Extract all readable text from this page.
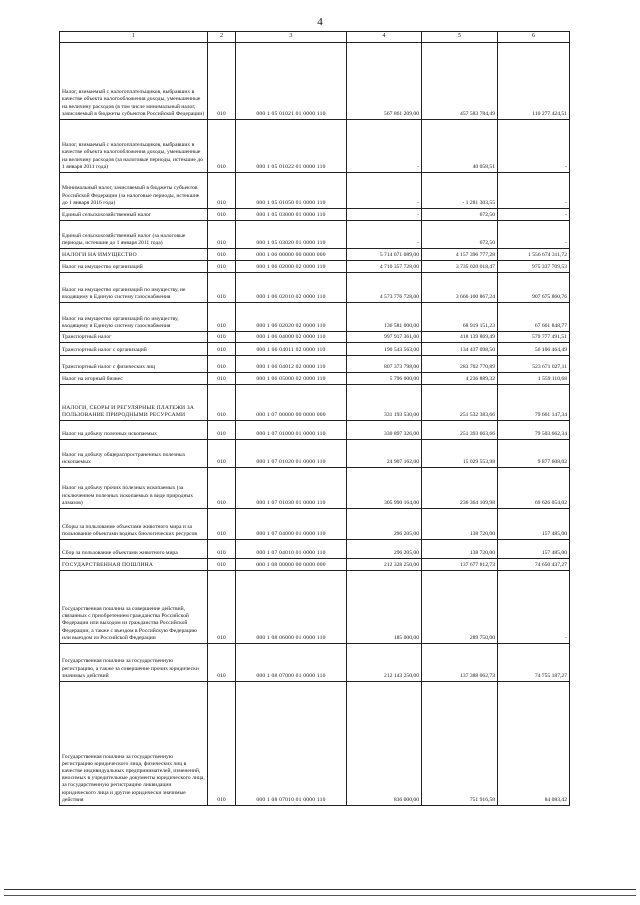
4
1	2	3	4	5	6
Налог, взимаемый с налогоплательщиков, выбравших в качестве объекта налогообложения доходы, уменьшенные на величину расходов (в том числе минимальный налог, зачисляемый в бюджеты субъектов Российской Федерации)	010	000 1 05 01021 01 0000 110	567 861 209,00	457 583 784,49	110 277 424,51
Налог, взимаемый с налогоплательщиков, выбравших в качестве объекта налогообложения доходы, уменьшенные на величину расходов (за налоговые периоды, истекшие до 1 января 2011 года)	010	000 1 05 01022 01 0000 110	-	40 058,51	-
Минимальный налог, зачисляемый в бюджеты субъектов Российской Федерации (за налоговые периоды, истекшие до 1 января 2016 года)	010	000 1 05 01050 01 0000 110	-	- 1 281 303,55	-
Единый сельскохозяйственный налог	010	000 1 05 03000 01 0000 110	-	672,50	-
Единый сельскохозяйственный налог (за налоговые периоды, истекшие до 1 января 2011 года)	010	000 1 05 03020 01 0000 110	-	672,50	-
НАЛОГИ НА ИМУЩЕСТВО	010	000 1 06 00000 00 0000 000	5 714 071 089,00	4 157 396 777,28	1 556 674 311,72
Налог на имущество организаций	010	000 1 06 02000 02 0000 110	4 710 357 728,00	3 735 020 018,47	975 337 709,53
Налог на имущество организаций по имуществу, не входящему в Единую систему газоснабжения	010	000 1 06 02010 02 0000 110	4 573 776 728,00	3 666 100 867,24	907 675 860,76
Налог на имущество организаций по имуществу, входящему в Единую систему газоснабжения	010	000 1 06 02020 02 0000 110	136 581 000,00	68 919 151,23	67 661 848,77
Транспортный налог	010	000 1 06 04000 02 0000 110	997 917 361,00	418 139 869,49	579 777 491,51
Транспортный налог с организаций	010	000 1 06 04011 02 0000 110	190 543 563,00	134 437 098,50	56 106 464,49
Транспортный налог с физических лиц	010	000 1 06 04012 02 0000 110	807 373 798,00	283 702 770,89	523 671 027,11
Налог на игорный бизнес	010	000 1 06 05000 02 0000 110	5 796 000,00	4 236 889,32	1 559 110,68
НАЛОГИ, СБОРЫ И РЕГУЛЯРНЫЕ ПЛАТЕЖИ ЗА ПОЛЬЗОВАНИЕ ПРИРОДНЫМИ РЕСУРСАМИ	010	000 1 07 00000 00 0000 000	331 193 530,00	251 532 383,66	79 661 147,34
Налог на добычу полезных ископаемых	010	000 1 07 01000 01 0000 110	330 897 326,00	251 393 663,66	79 503 662,34
Налог на добычу общераспространенных полезных ископаемых	010	000 1 07 01020 01 0000 110	24 907 162,00	15 029 553,98	9 877 608,02
Налог на добычу прочих полезных ископаемых (за исключением полезных ископаемых в виде природных алмазов)	010	000 1 07 01030 01 0000 110	305 990 164,00	236 364 109,98	69 626 054,02
Сборы за пользование объектами животного мира и за пользование объектами водных биологических ресурсов	010	000 1 07 04000 01 0000 110	296 205,00	138 720,00	157 485,00
Сбор за пользование объектами животного мира	010	000 1 07 04010 01 0000 110	296 205,00	138 720,00	157 485,00
ГОСУДАРСТВЕННАЯ ПОШЛИНА	010	000 1 08 00000 00 0000 000	212 328 250,00	137 677 812,73	74 650 437,27
Государственная пошлина за совершение действий, связанных с приобретением гражданства Российской Федерации или выходом из гражданства Российской Федерации, а также с въездом в Российскую Федерацию или выездом из Российской Федерации	010	000 1 08 06000 01 0000 110	185 000,00	289 750,00	-
Государственная пошлина за государственную регистрацию, а также за совершение прочих юридически значимых действий	010	000 1 08 07000 01 0000 110	212 143 250,00	137 388 062,73	74 755 187,27
Государственная пошлина за государственную регистрацию юридического лица, физических лиц в качестве индивидуальных предпринимателей, изменений, вносимых в учредительные документы юридического лица, за государственную регистрацию ликвидации юридического лица и другие юридически значимые действия	010	000 1 08 07010 01 0000 110	836 000,00	751 916,58	84 083,42
